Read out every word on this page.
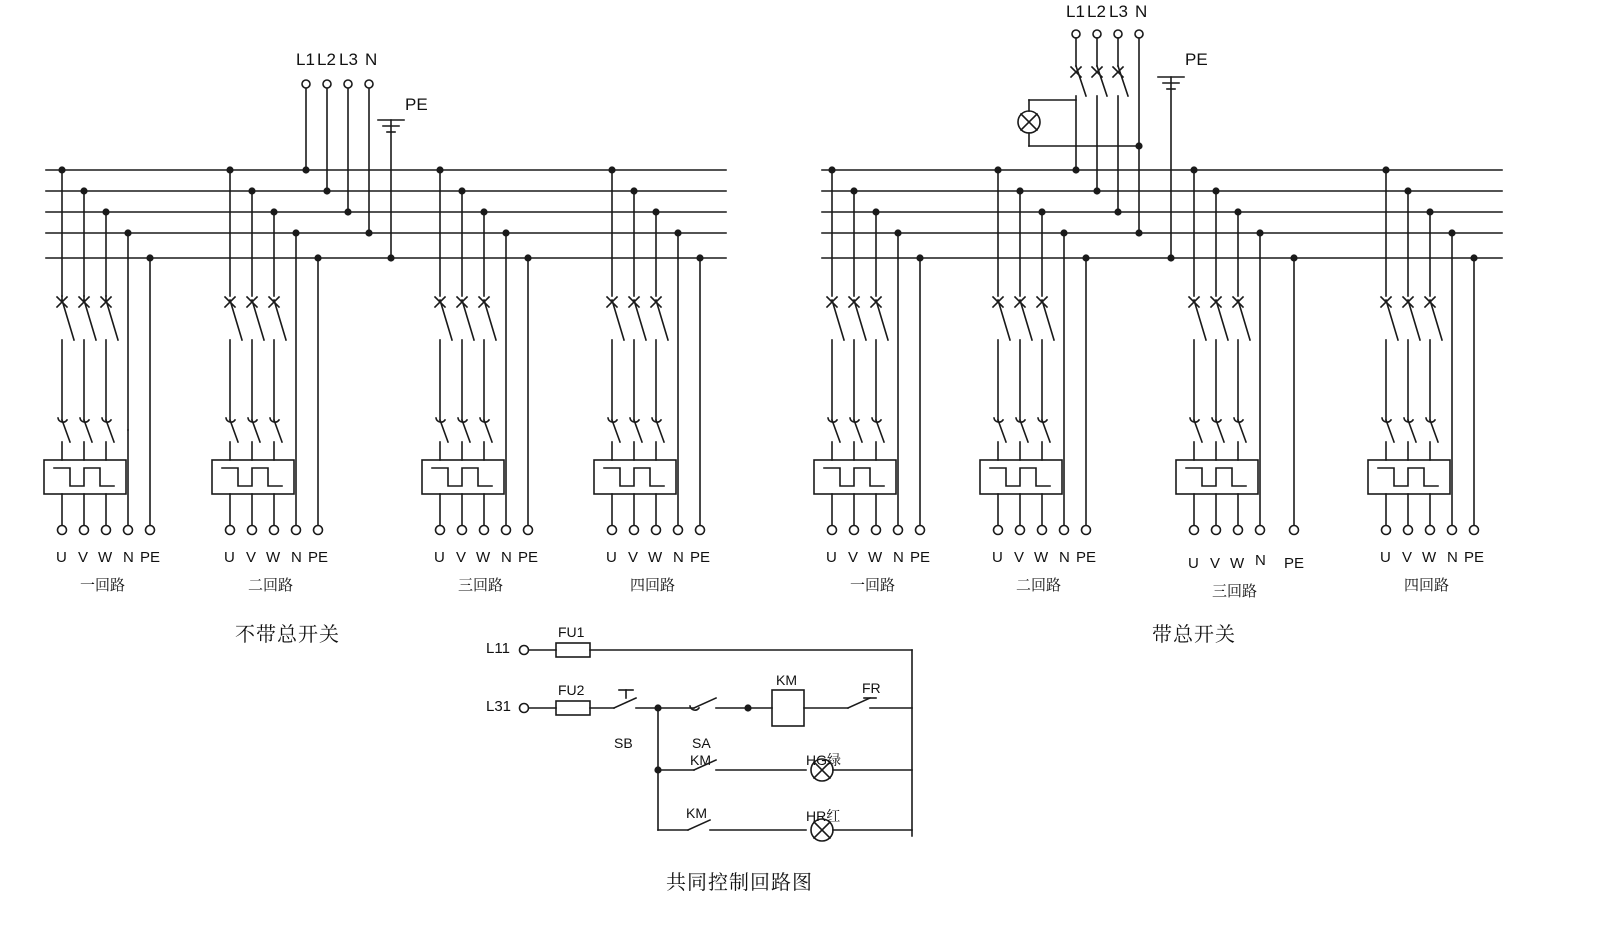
L1 L2 L3 N
PE
L1 L2 L3 N
PE
U V W N PE	U V W N PE	U V W N PE	U V W N PE	U V W N PE	U V W N PE	U V W N PE	U V W N PE
一回路	二回路	三回路	四回路	一回路	二回路	三回路	四回路
不带总开关	带总开关
共同控制回路图
L11
L31
FU1
FU2
SB	SA
KM
KM	FR
HG绿
KM	HR红
